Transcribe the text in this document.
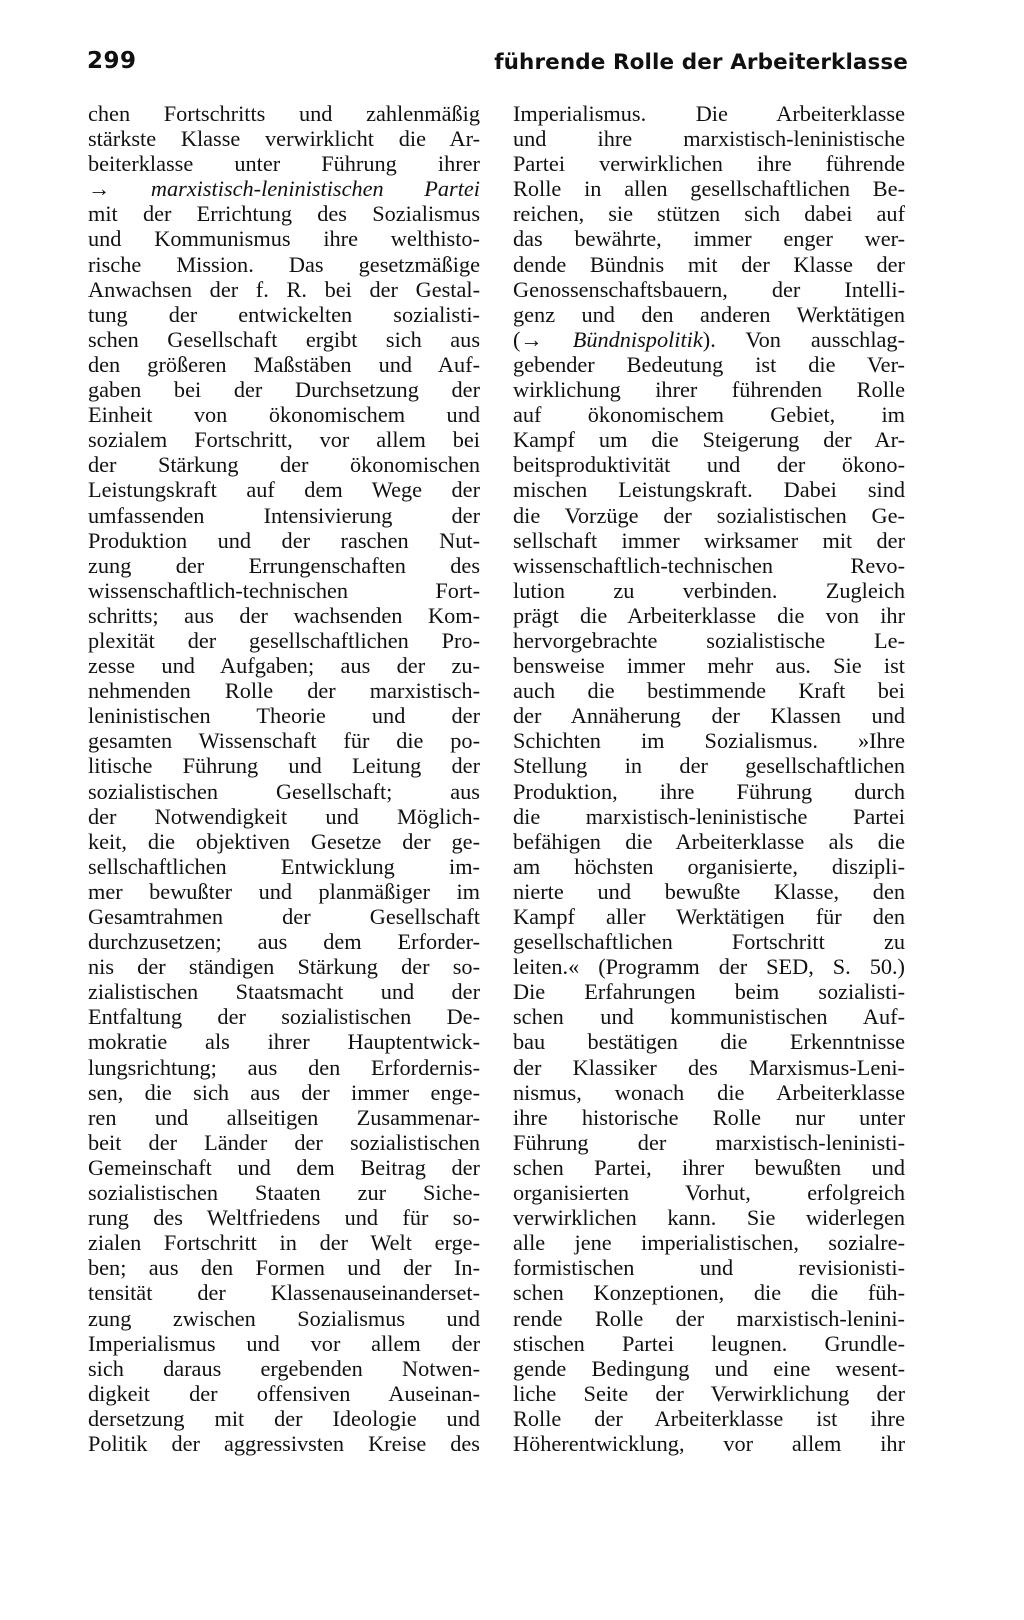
299	führende Rolle der Arbeiterklasse
chen Fortschritts und zahlenmäßig
stärkste Klasse verwirklicht die Ar-
beiterklasse unter Führung ihrer
→ marxistisch-leninistischen Partei
mit der Errichtung des Sozialismus
und Kommunismus ihre welthisto-
rische Mission. Das gesetzmäßige
Anwachsen der f. R. bei der Gestal-
tung der entwickelten sozialisti-
schen Gesellschaft ergibt sich aus
den größeren Maßstäben und Auf-
gaben bei der Durchsetzung der
Einheit von ökonomischem und
sozialem Fortschritt, vor allem bei
der Stärkung der ökonomischen
Leistungskraft auf dem Wege der
umfassenden Intensivierung der
Produktion und der raschen Nut-
zung der Errungenschaften des
wissenschaftlich-technischen Fort-
schritts; aus der wachsenden Kom-
plexität der gesellschaftlichen Pro-
zesse und Aufgaben; aus der zu-
nehmenden Rolle der marxistisch-
leninistischen Theorie und der
gesamten Wissenschaft für die po-
litische Führung und Leitung der
sozialistischen Gesellschaft; aus
der Notwendigkeit und Möglich-
keit, die objektiven Gesetze der ge-
sellschaftlichen Entwicklung im-
mer bewußter und planmäßiger im
Gesamtrahmen der Gesellschaft
durchzusetzen; aus dem Erforder-
nis der ständigen Stärkung der so-
zialistischen Staatsmacht und der
Entfaltung der sozialistischen De-
mokratie als ihrer Hauptentwick-
lungsrichtung; aus den Erfordernis-
sen, die sich aus der immer enge-
ren und allseitigen Zusammenar-
beit der Länder der sozialistischen
Gemeinschaft und dem Beitrag der
sozialistischen Staaten zur Siche-
rung des Weltfriedens und für so-
zialen Fortschritt in der Welt erge-
ben; aus den Formen und der In-
tensität der Klassenauseinanderset-
zung zwischen Sozialismus und
Imperialismus und vor allem der
sich daraus ergebenden Notwen-
digkeit der offensiven Auseinan-
dersetzung mit der Ideologie und
Politik der aggressivsten Kreise des
Imperialismus. Die Arbeiterklasse
und ihre marxistisch-leninistische
Partei verwirklichen ihre führende
Rolle in allen gesellschaftlichen Be-
reichen, sie stützen sich dabei auf
das bewährte, immer enger wer-
dende Bündnis mit der Klasse der
Genossenschaftsbauern, der Intelli-
genz und den anderen Werktätigen
(→ Bündnispolitik). Von ausschlag-
gebender Bedeutung ist die Ver-
wirklichung ihrer führenden Rolle
auf ökonomischem Gebiet, im
Kampf um die Steigerung der Ar-
beitsproduktivität und der ökono-
mischen Leistungskraft. Dabei sind
die Vorzüge der sozialistischen Ge-
sellschaft immer wirksamer mit der
wissenschaftlich-technischen Revo-
lution zu verbinden. Zugleich
prägt die Arbeiterklasse die von ihr
hervorgebrachte sozialistische Le-
bensweise immer mehr aus. Sie ist
auch die bestimmende Kraft bei
der Annäherung der Klassen und
Schichten im Sozialismus. »Ihre
Stellung in der gesellschaftlichen
Produktion, ihre Führung durch
die marxistisch-leninistische Partei
befähigen die Arbeiterklasse als die
am höchsten organisierte, diszipli-
nierte und bewußte Klasse, den
Kampf aller Werktätigen für den
gesellschaftlichen Fortschritt zu
leiten.« (Programm der SED, S. 50.)
Die Erfahrungen beim sozialisti-
schen und kommunistischen Auf-
bau bestätigen die Erkenntnisse
der Klassiker des Marxismus-Leni-
nismus, wonach die Arbeiterklasse
ihre historische Rolle nur unter
Führung der marxistisch-leninisti-
schen Partei, ihrer bewußten und
organisierten Vorhut, erfolgreich
verwirklichen kann. Sie widerlegen
alle jene imperialistischen, sozialre-
formistischen und revisionisti-
schen Konzeptionen, die die füh-
rende Rolle der marxistisch-lenini-
stischen Partei leugnen. Grundle-
gende Bedingung und eine wesent-
liche Seite der Verwirklichung der
Rolle der Arbeiterklasse ist ihre
Höherentwicklung, vor allem ihr
